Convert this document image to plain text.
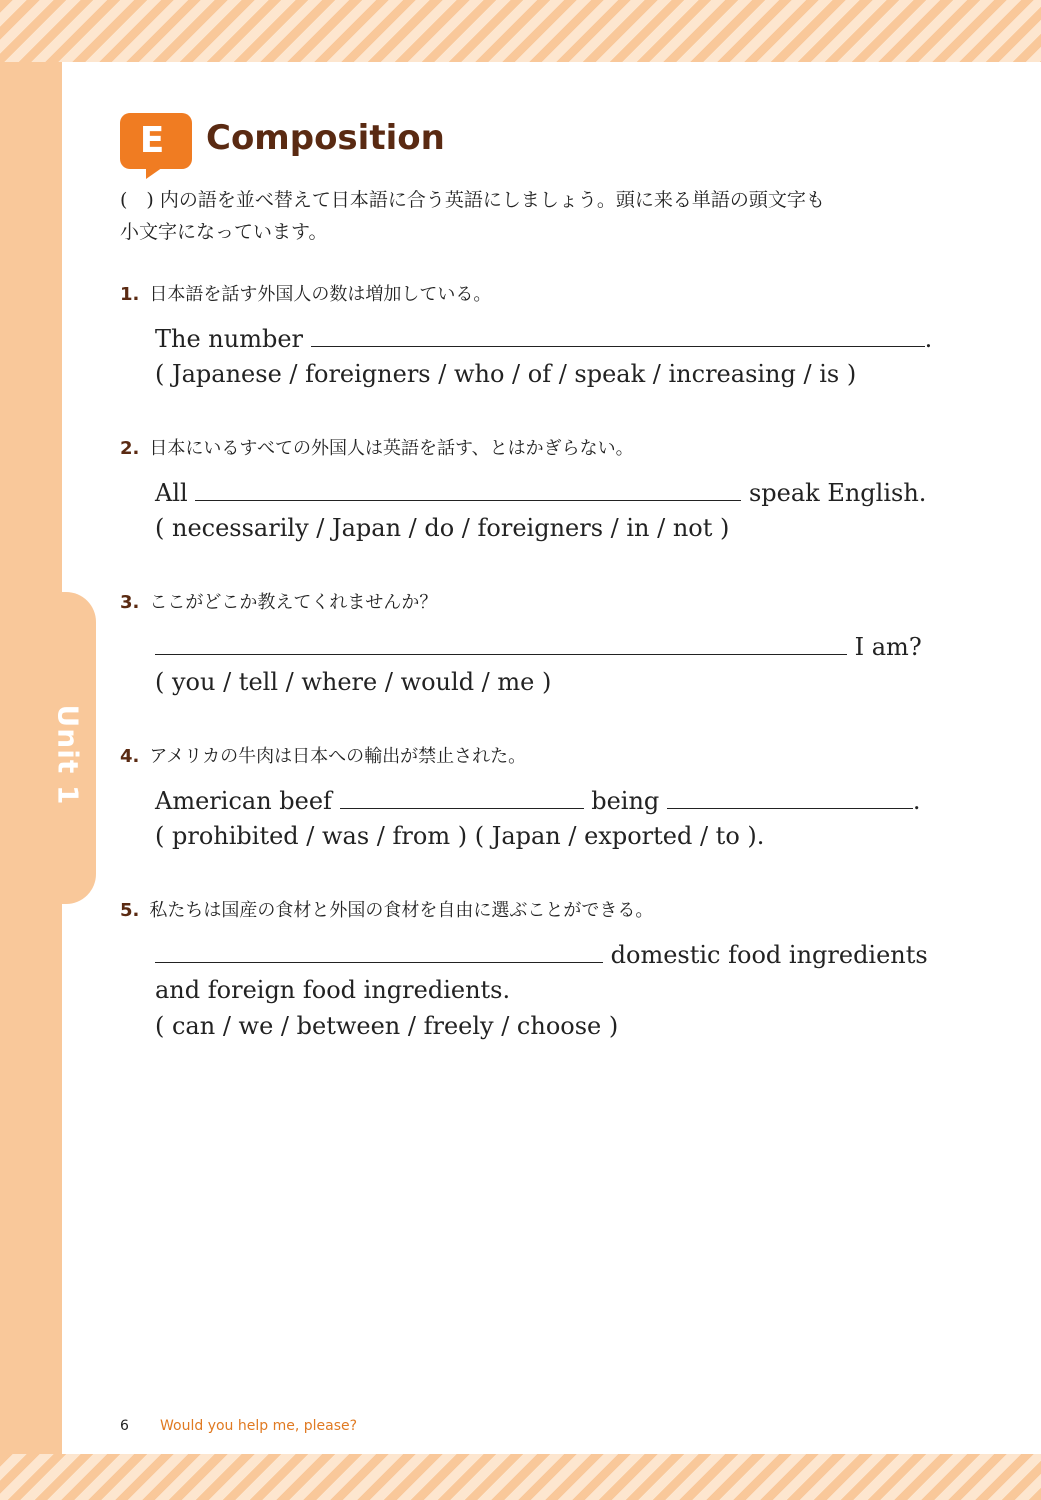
Unit 1
E	Composition
(　) 内の語を並べ替えて日本語に合う英語にしましょう。頭に来る単語の頭文字も
小文字になっています。
1. 日本語を話す外国人の数は増加している。
The number	.
( Japanese / foreigners / who / of / speak / increasing / is )
2. 日本にいるすべての外国人は英語を話す、とはかぎらない。
All	speak English.
( necessarily / Japan / do / foreigners / in / not )
3. ここがどこか教えてくれませんか？
I am?
( you / tell / where / would / me )
4. アメリカの牛肉は日本への輸出が禁止された。
American beef	being	.
( prohibited / was / from ) ( Japan / exported / to ).
5. 私たちは国産の食材と外国の食材を自由に選ぶことができる。
domestic food ingredients
and foreign food ingredients.
( can / we / between / freely / choose )
6 Would you help me, please?
